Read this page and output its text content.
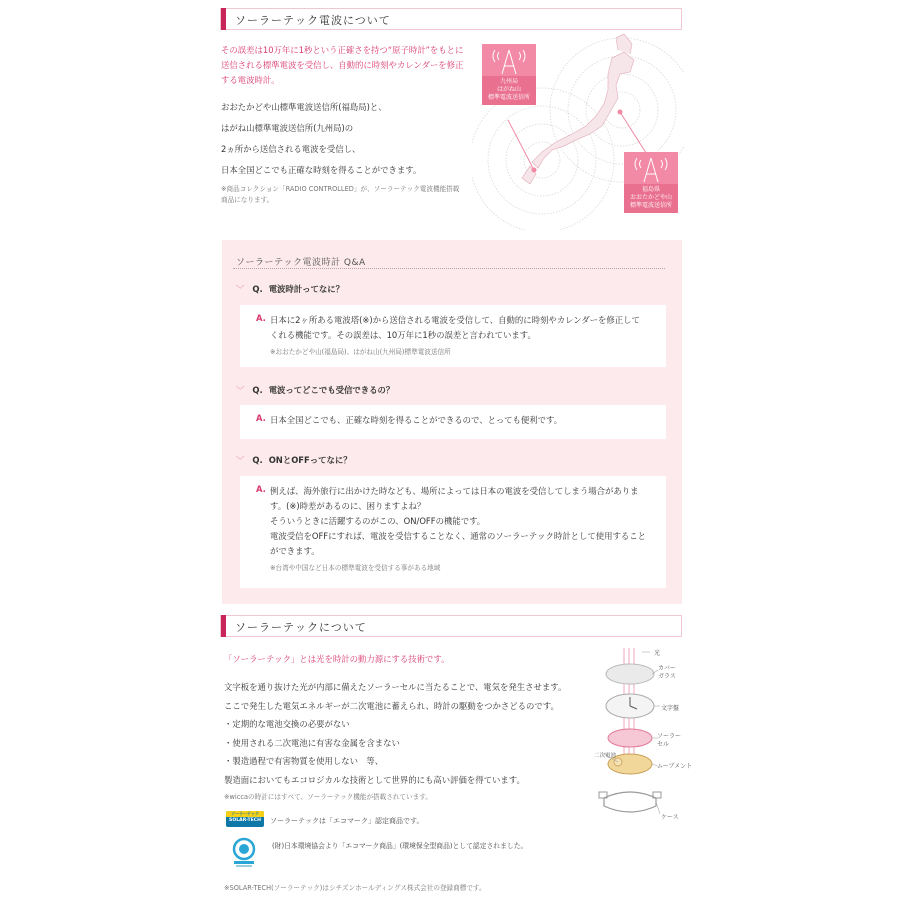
ソーラーテック電波について
その誤差は10万年に1秒という正確さを持つ“原子時計”をもとに
送信される標準電波を受信し、自動的に時刻やカレンダーを修正
する電波時計。
おおたかどや山標準電波送信所(福島局)と、
はがね山標準電波送信所(九州局)の
2ヵ所から送信される電波を受信し、
日本全国どこでも正確な時刻を得ることができます。
※商品コレクション「RADIO CONTROLLED」が、ソーラーテック電波機能搭載
商品になります。
九州局
はがね山
標準電波送信所
福島県
おおたかどや山
標準電波送信所
ソーラーテック電波時計 Q&A
﹀ Q. 電波時計ってなに？
A. 日本に2ヶ所ある電波塔(※)から送信される電波を受信して、自動的に時刻やカレンダーを修正して
くれる機能です。その誤差は、10万年に1秒の誤差と言われています。
※おおたかどや山(福島局)、はがね山(九州局)標準電波送信所
﹀ Q. 電波ってどこでも受信できるの？
A. 日本全国どこでも、正確な時刻を得ることができるので、とっても便利です。
﹀ Q. ONとOFFってなに？
A. 例えば、海外旅行に出かけた時なども、場所によっては日本の電波を受信してしまう場合がありま
す。(※)時差があるのに、困りますよね？
そういうときに活躍するのがこの、ON/OFFの機能です。
電波受信をOFFにすれば、電波を受信することなく、通常のソーラーテック時計として使用すること
ができます。
※台湾や中国など日本の標準電波を受信する事がある地域
ソーラーテックについて
「ソーラーテック」とは光を時計の動力源にする技術です。
文字板を通り抜けた光が内部に備えたソーラーセルに当たることで、電気を発生させます。
ここで発生した電気エネルギーが二次電池に蓄えられ、時計の駆動をつかさどるのです。
・定期的な電池交換の必要がない
・使用される二次電池に有害な金属を含まない
・製造過程で有害物質を使用しない　等、
製造面においてもエコロジカルな技術として世界的にも高い評価を得ています。
※wiccaの時計にはすべて、ソーラーテック機能が搭載されています。
ソーラーテック
SOLAR-TECH	ソーラーテックは「エコマーク」認定商品です。
(財)日本環境協会より「エコマーク商品」(環境保全型商品)として認定されました。
※SOLAR-TECH(ソーラーテック)はシチズンホールディングス株式会社の登録商標です。
光
カバー
ガラス
文字盤
ソーラー
セル
二次電池
ムーブメント
ケース
